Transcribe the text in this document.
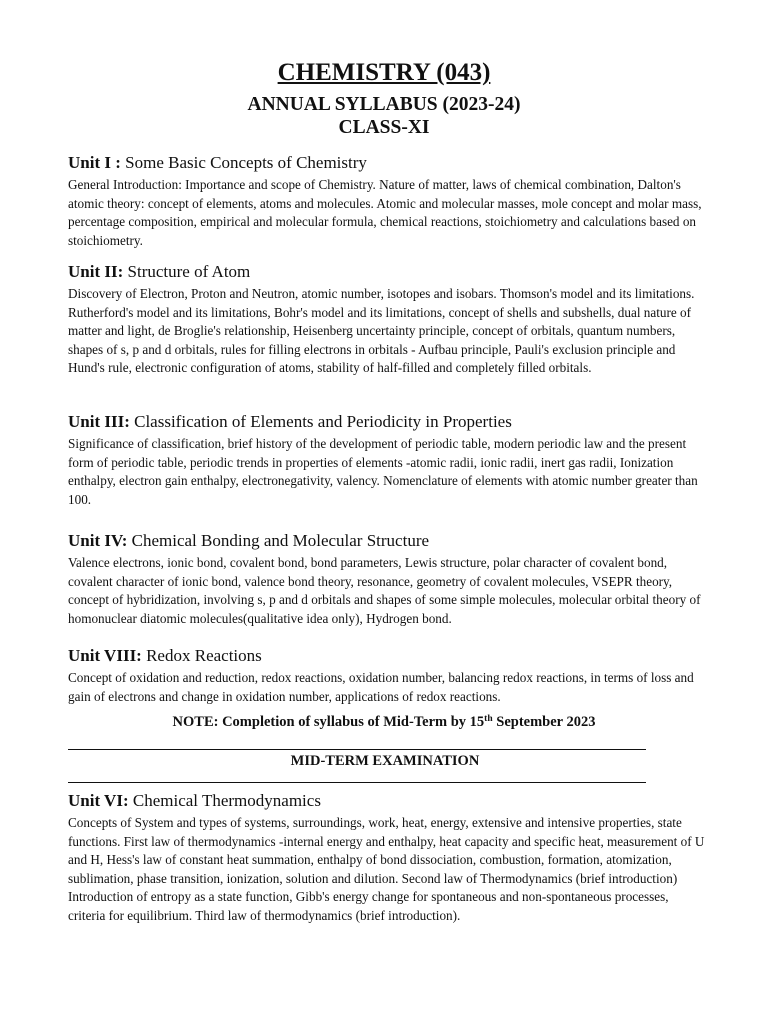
CHEMISTRY (043)
ANNUAL SYLLABUS (2023-24)
CLASS-XI

Unit I : Some Basic Concepts of Chemistry

General Introduction: Importance and scope of Chemistry. Nature of matter, laws of chemical combination, Dalton's atomic theory: concept of elements, atoms and molecules. Atomic and molecular masses, mole concept and molar mass, percentage composition, empirical and molecular formula, chemical reactions, stoichiometry and calculations based on stoichiometry.

Unit II: Structure of Atom

Discovery of Electron, Proton and Neutron, atomic number, isotopes and isobars. Thomson's model and its limitations. Rutherford's model and its limitations, Bohr's model and its limitations, concept of shells and subshells, dual nature of matter and light, de Broglie's relationship, Heisenberg uncertainty principle, concept of orbitals, quantum numbers, shapes of s, p and d orbitals, rules for filling electrons in orbitals - Aufbau principle, Pauli's exclusion principle and Hund's rule, electronic configuration of atoms, stability of half-filled and completely filled orbitals.

Unit III: Classification of Elements and Periodicity in Properties

Significance of classification, brief history of the development of periodic table, modern periodic law and the present form of periodic table, periodic trends in properties of elements -atomic radii, ionic radii, inert gas radii, Ionization enthalpy, electron gain enthalpy, electronegativity, valency. Nomenclature of elements with atomic number greater than 100.

Unit IV: Chemical Bonding and Molecular Structure

Valence electrons, ionic bond, covalent bond, bond parameters, Lewis structure, polar character of covalent bond, covalent character of ionic bond, valence bond theory, resonance, geometry of covalent molecules, VSEPR theory, concept of hybridization, involving s, p and d orbitals and shapes of some simple molecules, molecular orbital theory of homonuclear diatomic molecules(qualitative idea only), Hydrogen bond.

Unit VIII: Redox Reactions

Concept of oxidation and reduction, redox reactions, oxidation number, balancing redox reactions, in terms of loss and gain of electrons and change in oxidation number, applications of redox reactions.

NOTE: Completion of syllabus of Mid-Term by 15th September 2023

MID-TERM EXAMINATION

Unit VI: Chemical Thermodynamics

Concepts of System and types of systems, surroundings, work, heat, energy, extensive and intensive properties, state functions. First law of thermodynamics -internal energy and enthalpy, heat capacity and specific heat, measurement of U and H, Hess's law of constant heat summation, enthalpy of bond dissociation, combustion, formation, atomization, sublimation, phase transition, ionization, solution and dilution. Second law of Thermodynamics (brief introduction) Introduction of entropy as a state function, Gibb's energy change for spontaneous and non-spontaneous processes, criteria for equilibrium. Third law of thermodynamics (brief introduction).
